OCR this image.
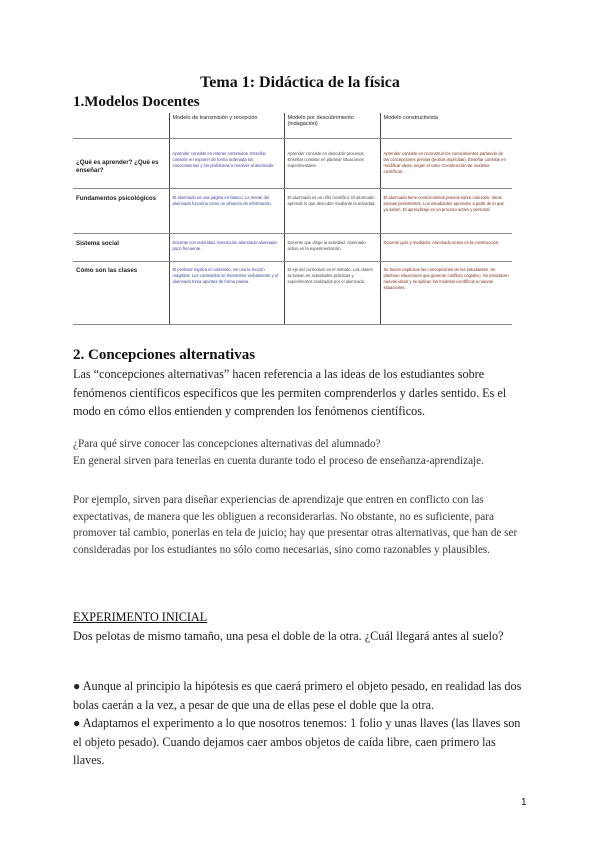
Tema 1: Didáctica de la física
1.Modelos Docentes
	Modelo de transmisión y recepción	Modelo por descubrimiento (indagación)	Modelo constructivista
¿Qué es aprender? ¿Qué es enseñar?	Aprender consiste en retener contenidos. Enseñar consiste en exponer de forma ordenada los conocimientos y los problemas a resolver al alumnado.	Aprender consiste en descubrir procesos. Enseñar consiste en plantear situaciones experimentales.	Aprender consiste en reconstruir los conocimientos partiendo de las concepciones previas (teorías implícitas). Enseñar consiste en modificar ideas, según el caso. Construcción de modelos científicos.
Fundamentos psicológicos	El alumnado es una página en blanco. La mente del alumnado funciona como un almacén de información.	El alumnado es un niño científico. El alumnado aprende lo que descubre mediante la actividad.	El alumnado tiene conocimientos previos sobre casi todo. Ideas previas persistentes. Los estudiantes aprenden a partir de lo que ya saben. El aprendizaje es un proceso activo y personal.
Sistema social	Docente con autoridad. Interacción alumnado-alumnado poco frecuente.	Docente que dirige la actividad. Alumnado activo en la experimentación.	Docente guía y mediador. Alumnado activo en la construcción.
Cómo son las clases	El profesor explica el contenido. Se usa la lección magistral. Los contenidos se transmiten verbalmente y el alumnado toma apuntes de forma pasiva.	El eje del currículum es el método. Las clases se basan en actividades prácticas y experimentos realizados por el alumnado.	Se hacen explícitas las concepciones de los estudiantes. Se plantean situaciones que generan conflicto cognitivo. Se introducen nuevas ideas y se aplican los modelos científicos a nuevas situaciones.
2. Concepciones alternativas

Las “concepciones alternativas” hacen referencia a las ideas de los estudiantes sobre fenómenos científicos específicos que les permiten comprenderlos y darles sentido. Es el modo en cómo ellos entienden y comprenden los fenómenos científicos.

¿Para qué sirve conocer las concepciones alternativas del alumnado?
En general sirven para tenerlas en cuenta durante todo el proceso de enseñanza-aprendizaje.

Por ejemplo, sirven para diseñar experiencias de aprendizaje que entren en conflicto con las expectativas, de manera que les obliguen a reconsiderarlas. No obstante, no es suficiente, para promover tal cambio, ponerlas en tela de juicio; hay que presentar otras alternativas, que han de ser consideradas por los estudiantes no sólo como necesarias, sino como razonables y plausibles.

EXPERIMENTO INICIAL

Dos pelotas de mismo tamaño, una pesa el doble de la otra. ¿Cuál llegará antes al suelo?

● Aunque al principio la hipótesis es que caerá primero el objeto pesado, en realidad las dos bolas caerán a la vez, a pesar de que una de ellas pese el doble que la otra.
● Adaptamos el experimento a lo que nosotros tenemos: 1 folio y unas llaves (las llaves son el objeto pesado). Cuando dejamos caer ambos objetos de caída libre, caen primero las llaves.
1
